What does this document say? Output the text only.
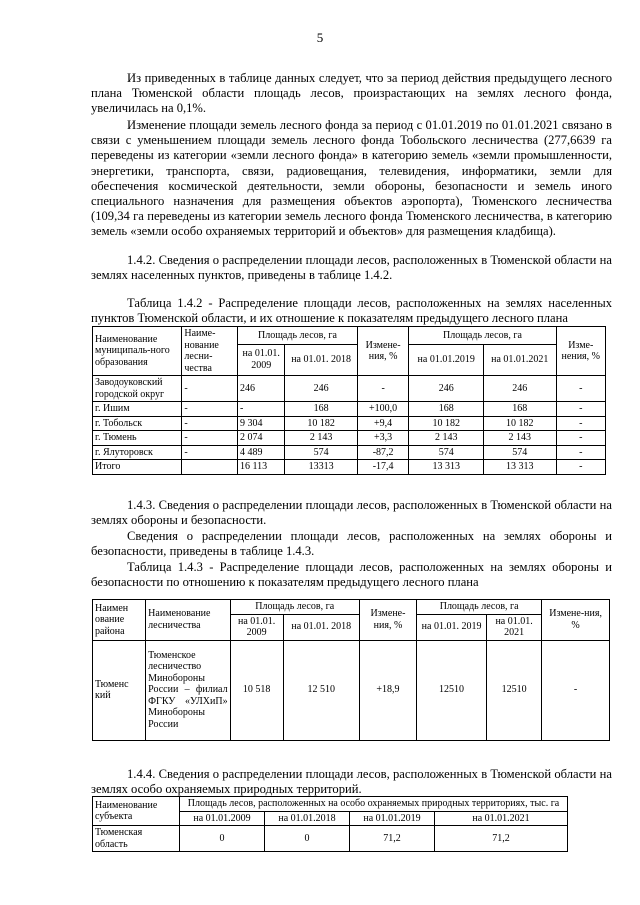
5

Из приведенных в таблице данных следует, что за период действия предыдущего лесного плана Тюменской области площадь лесов, произрастающих на землях лесного фонда, увеличилась на 0,1%.

Изменение площади земель лесного фонда за период с 01.01.2019 по 01.01.2021 связано в связи с уменьшением площади земель лесного фонда Тобольского лесничества (277,6639 га переведены из категории «земли лесного фонда» в категорию земель «земли промышленности, энергетики, транспорта, связи, радиовещания, телевидения, информатики, земли для обеспечения космической деятельности, земли обороны, безопасности и земель иного специального назначения для размещения объектов аэропорта), Тюменского лесничества (109,34 га переведены из категории земель лесного фонда Тюменского лесничества, в категорию земель «земли особо охраняемых территорий и объектов» для размещения кладбища).

1.4.2. Сведения о распределении площади лесов, расположенных в Тюменской области на землях населенных пунктов, приведены в таблице 1.4.2.

Таблица 1.4.2 - Распределение площади лесов, расположенных на землях населенных пунктов Тюменской области, и их отношение к показателям предыдущего лесного плана

Наименование муниципаль-ного образования	Наиме-нование лесни-чества	Площадь лесов, га		Измене-ния, %	Площадь лесов, га		Изме-нения, %
		на 01.01. 2009	на 01.01. 2018		на 01.01.2019	на 01.01.2021	
Заводоуковский городской округ	-	246	246	-	246	246	-
г. Ишим	-	-	168	+100,0	168	168	-
г. Тобольск	-	9 304	10 182	+9,4	10 182	10 182	-
г. Тюмень	-	2 074	2 143	+3,3	2 143	2 143	-
г. Ялуторовск	-	4 489	574	-87,2	574	574	-
Итого		16 113	13313	-17,4	13 313	13 313	-

1.4.3. Сведения о распределении площади лесов, расположенных в Тюменской области на землях обороны и безопасности.

Сведения о распределении площади лесов, расположенных на землях обороны и безопасности, приведены в таблице 1.4.3.

Таблица 1.4.3 - Распределение площади лесов, расположенных на землях обороны и безопасности по отношению к показателям предыдущего лесного плана

Наимен ование района	Наименование лесничества	Площадь лесов, га		Измене-ния, %	Площадь лесов, га		Измене-ния, %
		на 01.01. 2009	на 01.01. 2018		на 01.01. 2019	на 01.01. 2021	
Тюменс кий	Тюменское лесничество Минобороны России – филиал ФГКУ «УЛХиП» Минобороны России	10 518	12 510	+18,9	12510	12510	-

1.4.4. Сведения о распределении площади лесов, расположенных в Тюменской области на землях особо охраняемых природных территорий.

Наименование субъекта	Площадь лесов, расположенных на особо охраняемых природных территориях, тыс. га			
	на 01.01.2009	на 01.01.2018	на 01.01.2019	на 01.01.2021
Тюменская область	0	0	71,2	71,2
